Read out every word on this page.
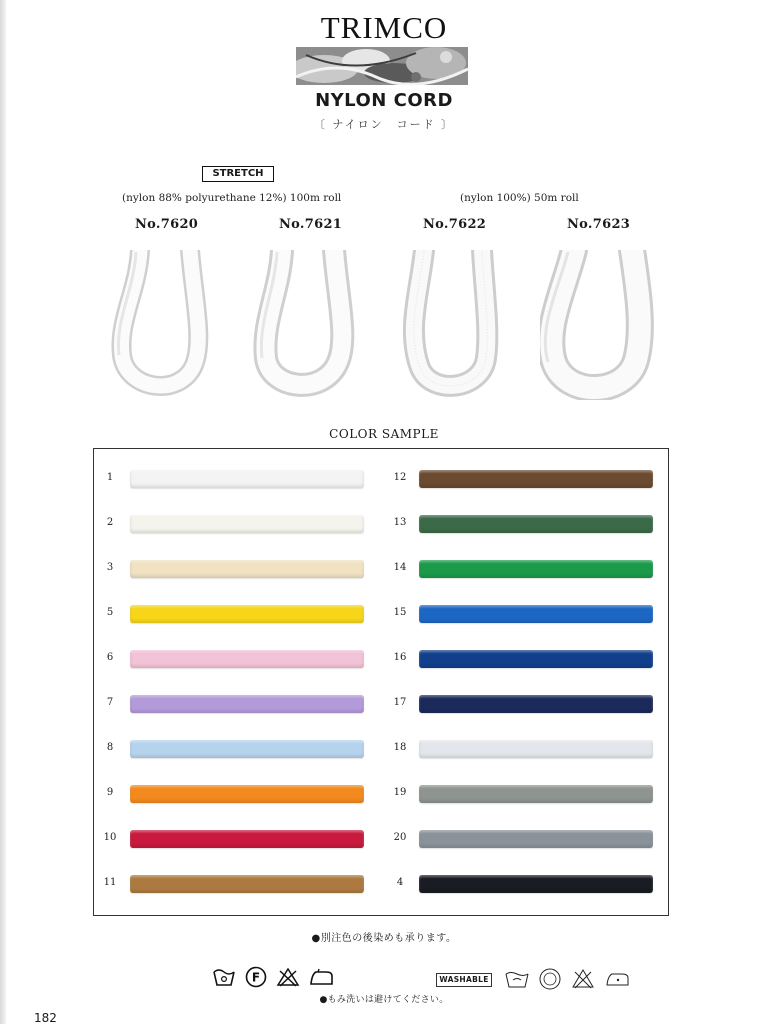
TRIMCO
NYLON CORD
〔 ナイロン　コード 〕
STRETCH
(nylon 88% polyurethane 12%) 100m roll	(nylon 100%) 50m roll
No.7620	No.7621	No.7622	No.7623
COLOR SAMPLE
1
2
3
5
6
7
8
9
10
11
12
13
14
15
16
17
18
19
20
4
●別注色の後染めも承ります。
F	WASHABLE
●もみ洗いは避けてください。
182
